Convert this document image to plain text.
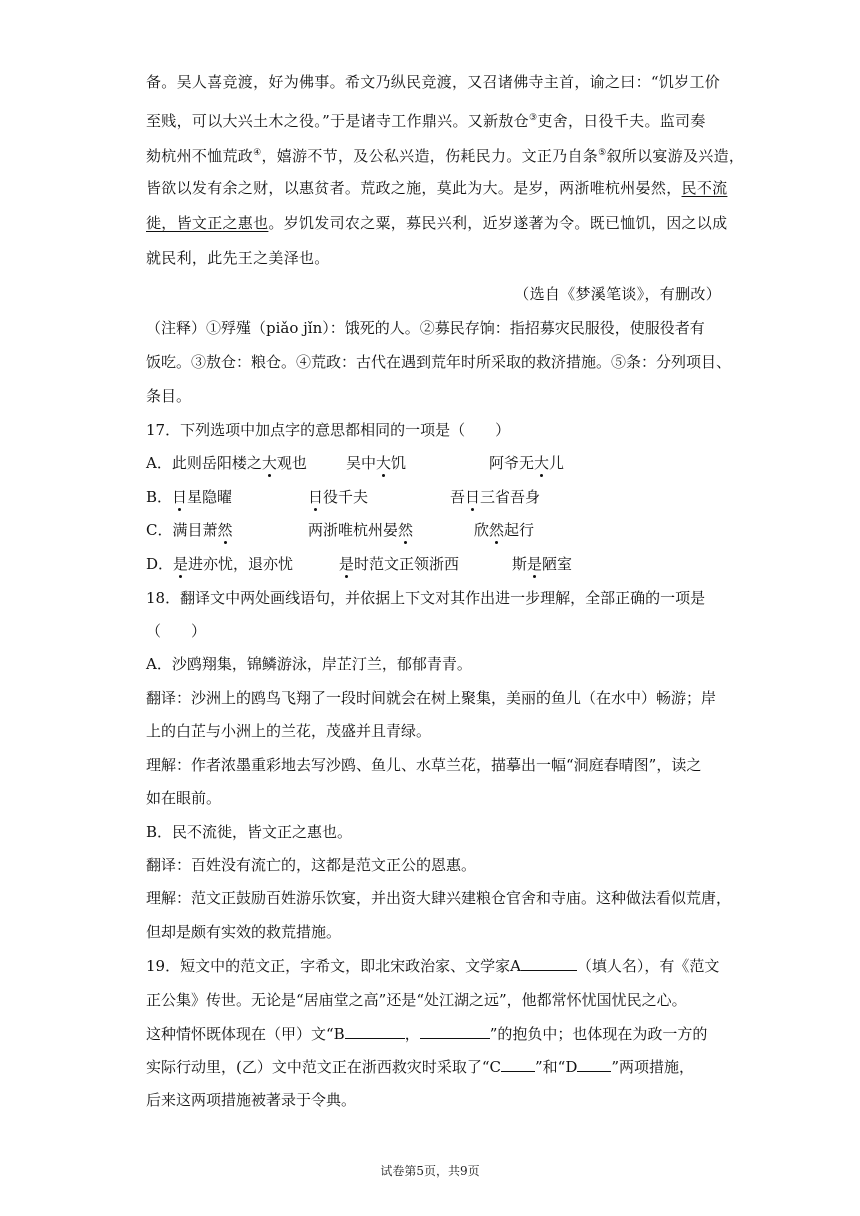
备。吴人喜竞渡，好为佛事。希文乃纵民竞渡，又召诸佛寺主首，谕之曰：“饥岁工价
至贱，可以大兴土木之役。”于是诸寺工作鼎兴。又新敖仓③吏舍，日役千夫。监司奏
劾杭州不恤荒政④，嬉游不节，及公私兴造，伤耗民力。文正乃自条⑤叙所以宴游及兴造，
皆欲以发有余之财，以惠贫者。荒政之施，莫此为大。是岁，两浙唯杭州晏然，民不流
徙，皆文正之惠也。岁饥发司农之粟，募民兴利，近岁遂著为令。既已恤饥，因之以成
就民利，此先王之美泽也。
（选自《梦溪笔谈》，有删改）
（注释）①殍殣（piǎo jǐn）：饿死的人。②募民存饷：指招募灾民服役，使服役者有
饭吃。③敖仓：粮仓。④荒政：古代在遇到荒年时所采取的救济措施。⑤条：分列项目、
条目。
17．下列选项中加点字的意思都相同的一项是（　　）
A．此则岳阳楼之大观也	吴中大饥	阿爷无大儿
B．日星隐曜	日役千夫	吾日三省吾身
C．满目萧然	两浙唯杭州晏然	欣然起行
D．是进亦忧，退亦忧	是时范文正领浙西	斯是陋室
18．翻译文中两处画线语句，并依据上下文对其作出进一步理解，全部正确的一项是
（　　）
A．沙鸥翔集，锦鳞游泳，岸芷汀兰，郁郁青青。
翻译：沙洲上的鸥鸟飞翔了一段时间就会在树上聚集，美丽的鱼儿（在水中）畅游；岸
上的白芷与小洲上的兰花，茂盛并且青绿。
理解：作者浓墨重彩地去写沙鸥、鱼儿、水草兰花，描摹出一幅“洞庭春晴图”，读之
如在眼前。
B．民不流徙，皆文正之惠也。
翻译：百姓没有流亡的，这都是范文正公的恩惠。
理解：范文正鼓励百姓游乐饮宴，并出资大肆兴建粮仓官舍和寺庙。这种做法看似荒唐，
但却是颇有实效的救荒措施。
19．短文中的范文正，字希文，即北宋政治家、文学家A	（填人名），有《范文
正公集》传世。无论是“居庙堂之高”还是“处江湖之远”，他都常怀忧国忧民之心。
这种情怀既体现在（甲）文“B	，	”的抱负中；也体现在为政一方的
实际行动里，(乙）文中范文正在浙西救灾时采取了“C ”和“D ”两项措施，
后来这两项措施被著录于令典。
试卷第5页，共9页
